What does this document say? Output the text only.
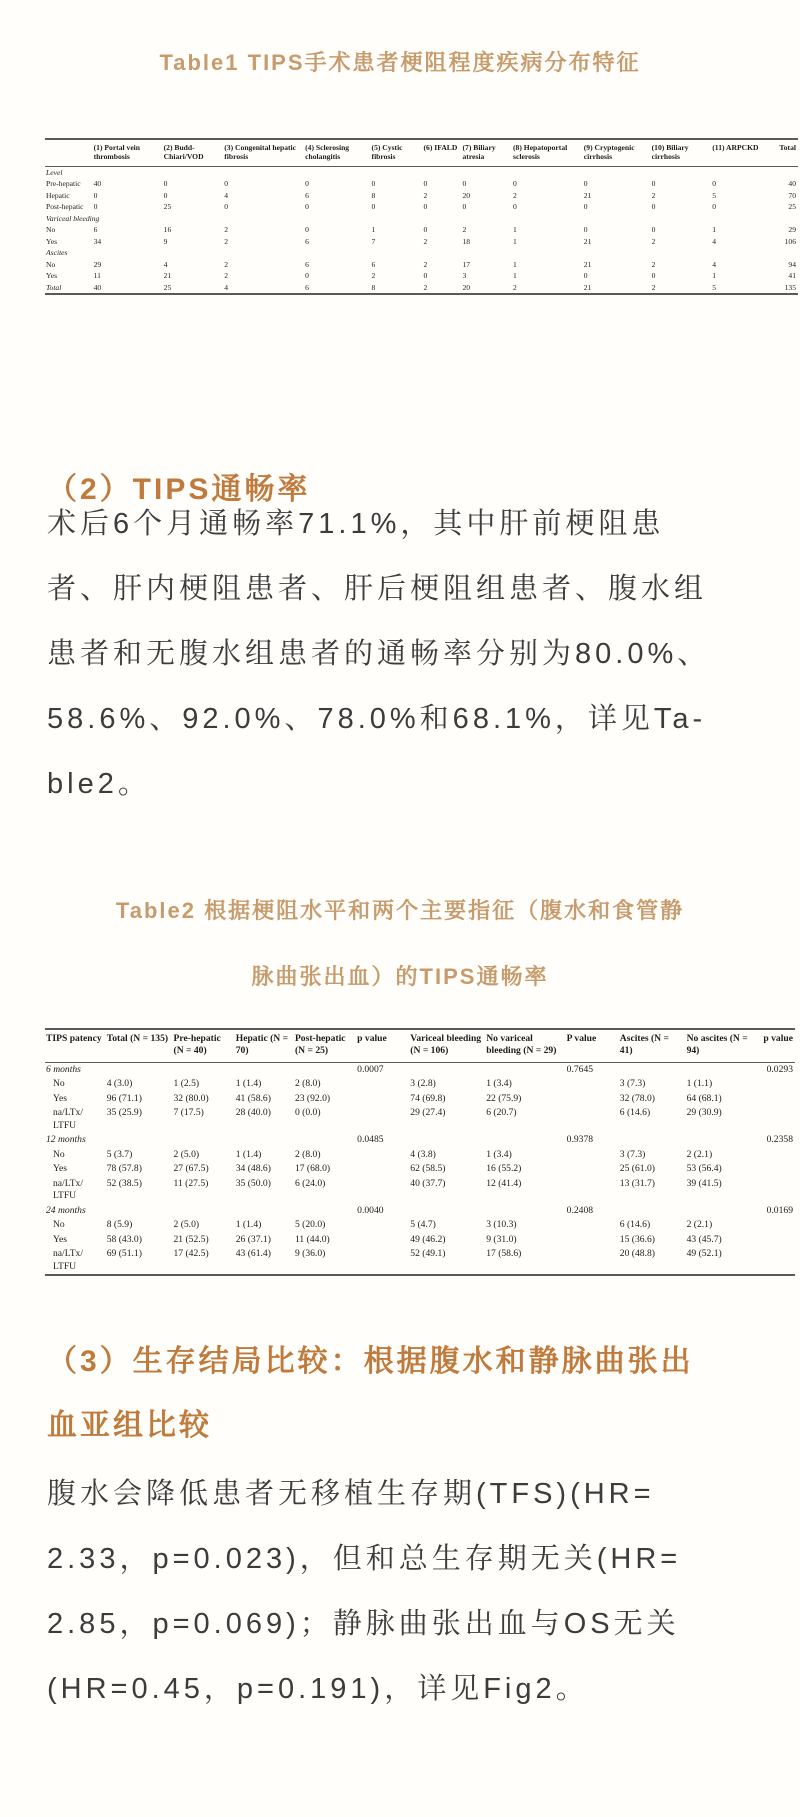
Table1 TIPS手术患者梗阻程度疾病分布特征
	(1) Portal vein thrombosis	(2) Budd-Chiari/VOD	(3) Congenital hepatic fibrosis	(4) Sclerosing cholangitis	(5) Cystic fibrosis	(6) IFALD	(7) Biliary atresia	(8) Hepatoportal sclerosis	(9) Cryptogenic cirrhosis	(10) Biliary cirrhosis	(11) ARPCKD	Total
Level												
Pre-hepatic	40	0	0	0	0	0	0	0	0	0	0	40
Hepatic	0	0	4	6	8	2	20	2	21	2	5	70
Post-hepatic	0	25	0	0	0	0	0	0	0	0	0	25
Variceal bleeding												
No	6	16	2	0	1	0	2	1	0	0	1	29
Yes	34	9	2	6	7	2	18	1	21	2	4	106
Ascites												
No	29	4	2	6	6	2	17	1	21	2	4	94
Yes	11	21	2	0	2	0	3	1	0	0	1	41
Total	40	25	4	6	8	2	20	2	21	2	5	135
（2）TIPS通畅率
术后6个月通畅率71.1%，其中肝前梗阻患
者、肝内梗阻患者、肝后梗阻组患者、腹水组
患者和无腹水组患者的通畅率分别为80.0%、
58.6%、92.0%、78.0%和68.1%，详见Ta-
ble2。
Table2 根据梗阻水平和两个主要指征（腹水和食管静
脉曲张出血）的TIPS通畅率
TIPS patency	Total (N = 135)	Pre-hepatic (N = 40)	Hepatic (N = 70)	Post-hepatic (N = 25)	p value	Variceal bleeding (N = 106)	No variceal bleeding (N = 29)	P value	Ascites (N = 41)	No ascites (N = 94)	p value
6 months					0.0007			0.7645			0.0293
No	4 (3.0)	1 (2.5)	1 (1.4)	2 (8.0)		3 (2.8)	1 (3.4)		3 (7.3)	1 (1.1)	
Yes	96 (71.1)	32 (80.0)	41 (58.6)	23 (92.0)		74 (69.8)	22 (75.9)		32 (78.0)	64 (68.1)	
na/LTx/ LTFU	35 (25.9)	7 (17.5)	28 (40.0)	0 (0.0)		29 (27.4)	6 (20.7)		6 (14.6)	29 (30.9)	
12 months					0.0485			0.9378			0.2358
No	5 (3.7)	2 (5.0)	1 (1.4)	2 (8.0)		4 (3.8)	1 (3.4)		3 (7.3)	2 (2.1)	
Yes	78 (57.8)	27 (67.5)	34 (48.6)	17 (68.0)		62 (58.5)	16 (55.2)		25 (61.0)	53 (56.4)	
na/LTx/ LTFU	52 (38.5)	11 (27.5)	35 (50.0)	6 (24.0)		40 (37.7)	12 (41.4)		13 (31.7)	39 (41.5)	
24 months					0.0040			0.2408			0.0169
No	8 (5.9)	2 (5.0)	1 (1.4)	5 (20.0)		5 (4.7)	3 (10.3)		6 (14.6)	2 (2.1)	
Yes	58 (43.0)	21 (52.5)	26 (37.1)	11 (44.0)		49 (46.2)	9 (31.0)		15 (36.6)	43 (45.7)	
na/LTx/ LTFU	69 (51.1)	17 (42.5)	43 (61.4)	9 (36.0)		52 (49.1)	17 (58.6)		20 (48.8)	49 (52.1)	
（3）生存结局比较：根据腹水和静脉曲张出
血亚组比较
腹水会降低患者无移植生存期(TFS)(HR=
2.33，p=0.023)，但和总生存期无关(HR=
2.85，p=0.069)；静脉曲张出血与OS无关
(HR=0.45，p=0.191)，详见Fig2。
